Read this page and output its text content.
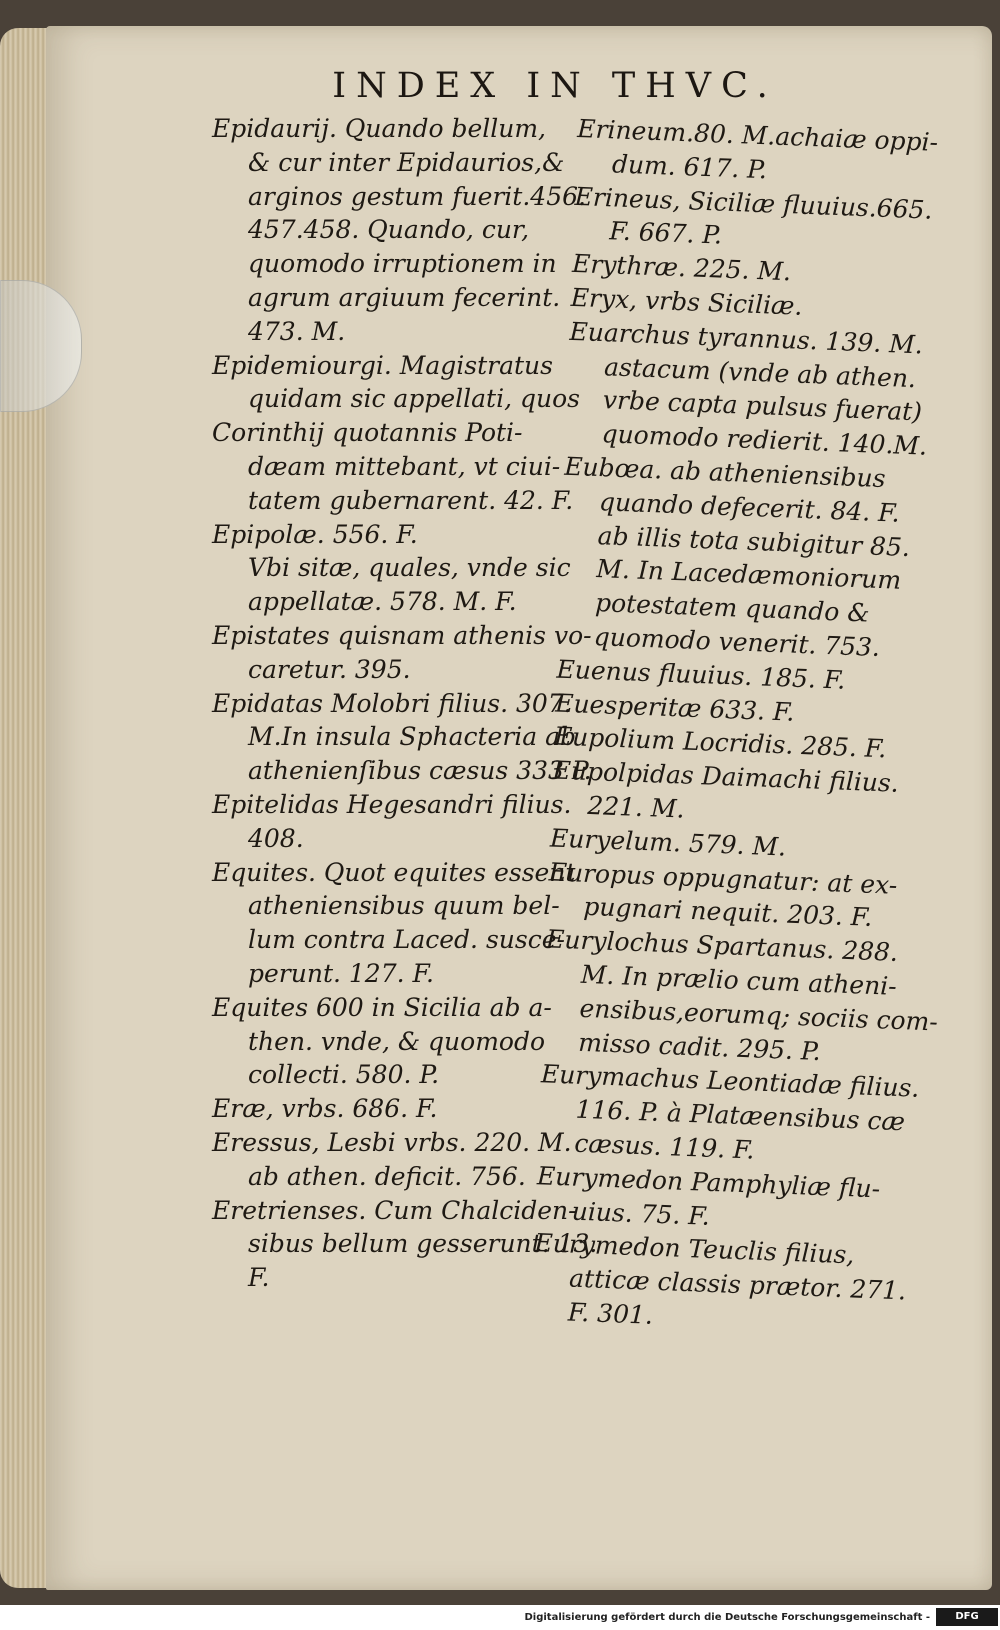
INDEX IN THVC.
Epidaurij. Quando bellum,
& cur inter Epidaurios,&
arginos gestum fuerit.456.
457.458. Quando, cur,
quomodo irruptionem in
agrum argiuum fecerint.
473. M.
Epidemiourgi. Magistratus
quidam sic appellati, quos
Corinthij quotannis Poti-
dæam mittebant, vt ciui-
tatem gubernarent. 42. F.
Epipolæ. 556. F.
Vbi sitæ, quales, vnde sic
appellatæ. 578. M. F.
Epistates quisnam athenis vo-
caretur. 395.
Epidatas Molobri filius. 307.
M.In insula Sphacteria ab
athenienſibus cæsus 333 P.
Epitelidas Hegesandri filius.
408.
Equites. Quot equites essent
atheniensibus quum bel-
lum contra Laced. susce-
perunt. 127. F.
Equites 600 in Sicilia ab a-
then. vnde, & quomodo
collecti. 580. P.
Eræ, vrbs. 686. F.
Eressus, Lesbi vrbs. 220. M.
ab athen. deficit. 756.
Eretrienses. Cum Chalciden-
sibus bellum gesserunt. 13.
F.
Erineum.80. M.achaiæ oppi-
dum. 617. P.
Erineus, Siciliæ fluuius.665.
F. 667. P.
Erythræ. 225. M.
Eryx, vrbs Siciliæ.
Euarchus tyrannus. 139. M.
astacum (vnde ab athen.
vrbe capta pulsus fuerat)
quomodo redierit. 140.M.
Eubœa. ab atheniensibus
quando defecerit. 84. F.
ab illis tota subigitur 85.
M. In Lacedæmoniorum
potestatem quando &
quomodo venerit. 753.
Euenus fluuius. 185. F.
Euesperitæ 633. F.
Eupolium Locridis. 285. F.
Eupolpidas Daimachi filius.
221. M.
Euryelum. 579. M.
Europus oppugnatur: at ex-
pugnari nequit. 203. F.
Eurylochus Spartanus. 288.
M. In prælio cum atheni-
ensibus,eorumq; sociis com-
misso cadit. 295. P.
Eurymachus Leontiadæ filius.
116. P. à Platæensibus cæ
cæsus. 119. F.
Eurymedon Pamphyliæ flu-
uius. 75. F.
Eurymedon Teuclis filius,
atticæ classis prætor. 271.
F. 301.
Digitalisierung gefördert durch die Deutsche Forschungsgemeinschaft -	DFG
